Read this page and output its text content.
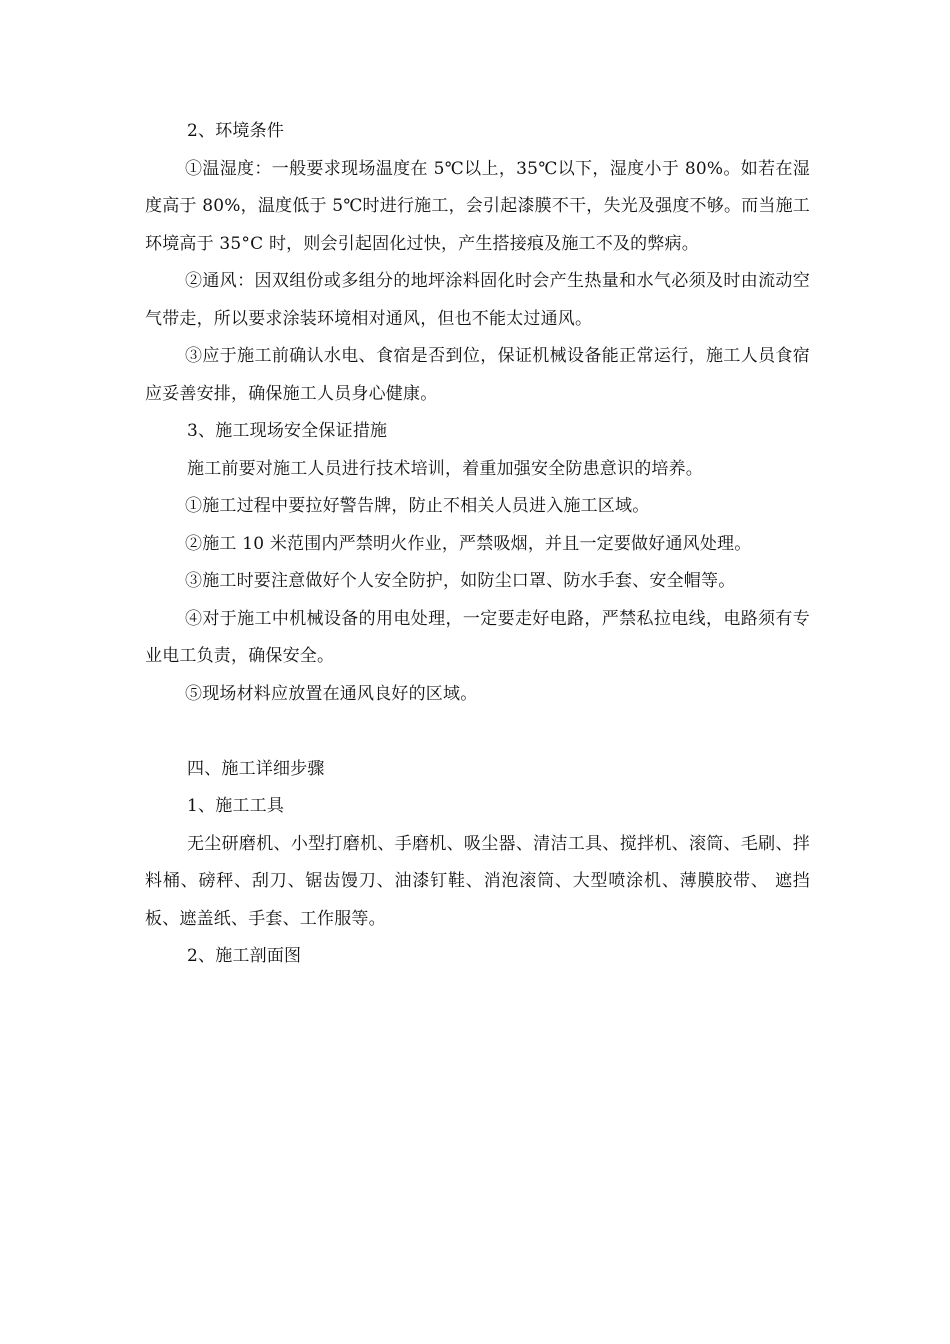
2、环境条件

①温湿度：一般要求现场温度在 5℃以上，35℃以下，湿度小于 80%。如若在湿度高于 80%，温度低于 5℃时进行施工，会引起漆膜不干，失光及强度不够。而当施工环境高于 35°C 时，则会引起固化过快，产生搭接痕及施工不及的弊病。

②通风：因双组份或多组分的地坪涂料固化时会产生热量和水气必须及时由流动空气带走，所以要求涂装环境相对通风，但也不能太过通风。

③应于施工前确认水电、食宿是否到位，保证机械设备能正常运行，施工人员食宿应妥善安排，确保施工人员身心健康。

3、施工现场安全保证措施

施工前要对施工人员进行技术培训，着重加强安全防患意识的培养。

①施工过程中要拉好警告牌，防止不相关人员进入施工区域。

②施工 10 米范围内严禁明火作业，严禁吸烟，并且一定要做好通风处理。

③施工时要注意做好个人安全防护，如防尘口罩、防水手套、安全帽等。

④对于施工中机械设备的用电处理，一定要走好电路，严禁私拉电线，电路须有专业电工负责，确保安全。

⑤现场材料应放置在通风良好的区域。

四、施工详细步骤

1、施工工具

无尘研磨机、小型打磨机、手磨机、吸尘器、清洁工具、搅拌机、滚筒、毛刷、拌料桶、磅秤、刮刀、锯齿馒刀、油漆钉鞋、消泡滚筒、大型喷涂机、薄膜胶带、 遮挡板、遮盖纸、手套、工作服等。

2、施工剖面图
